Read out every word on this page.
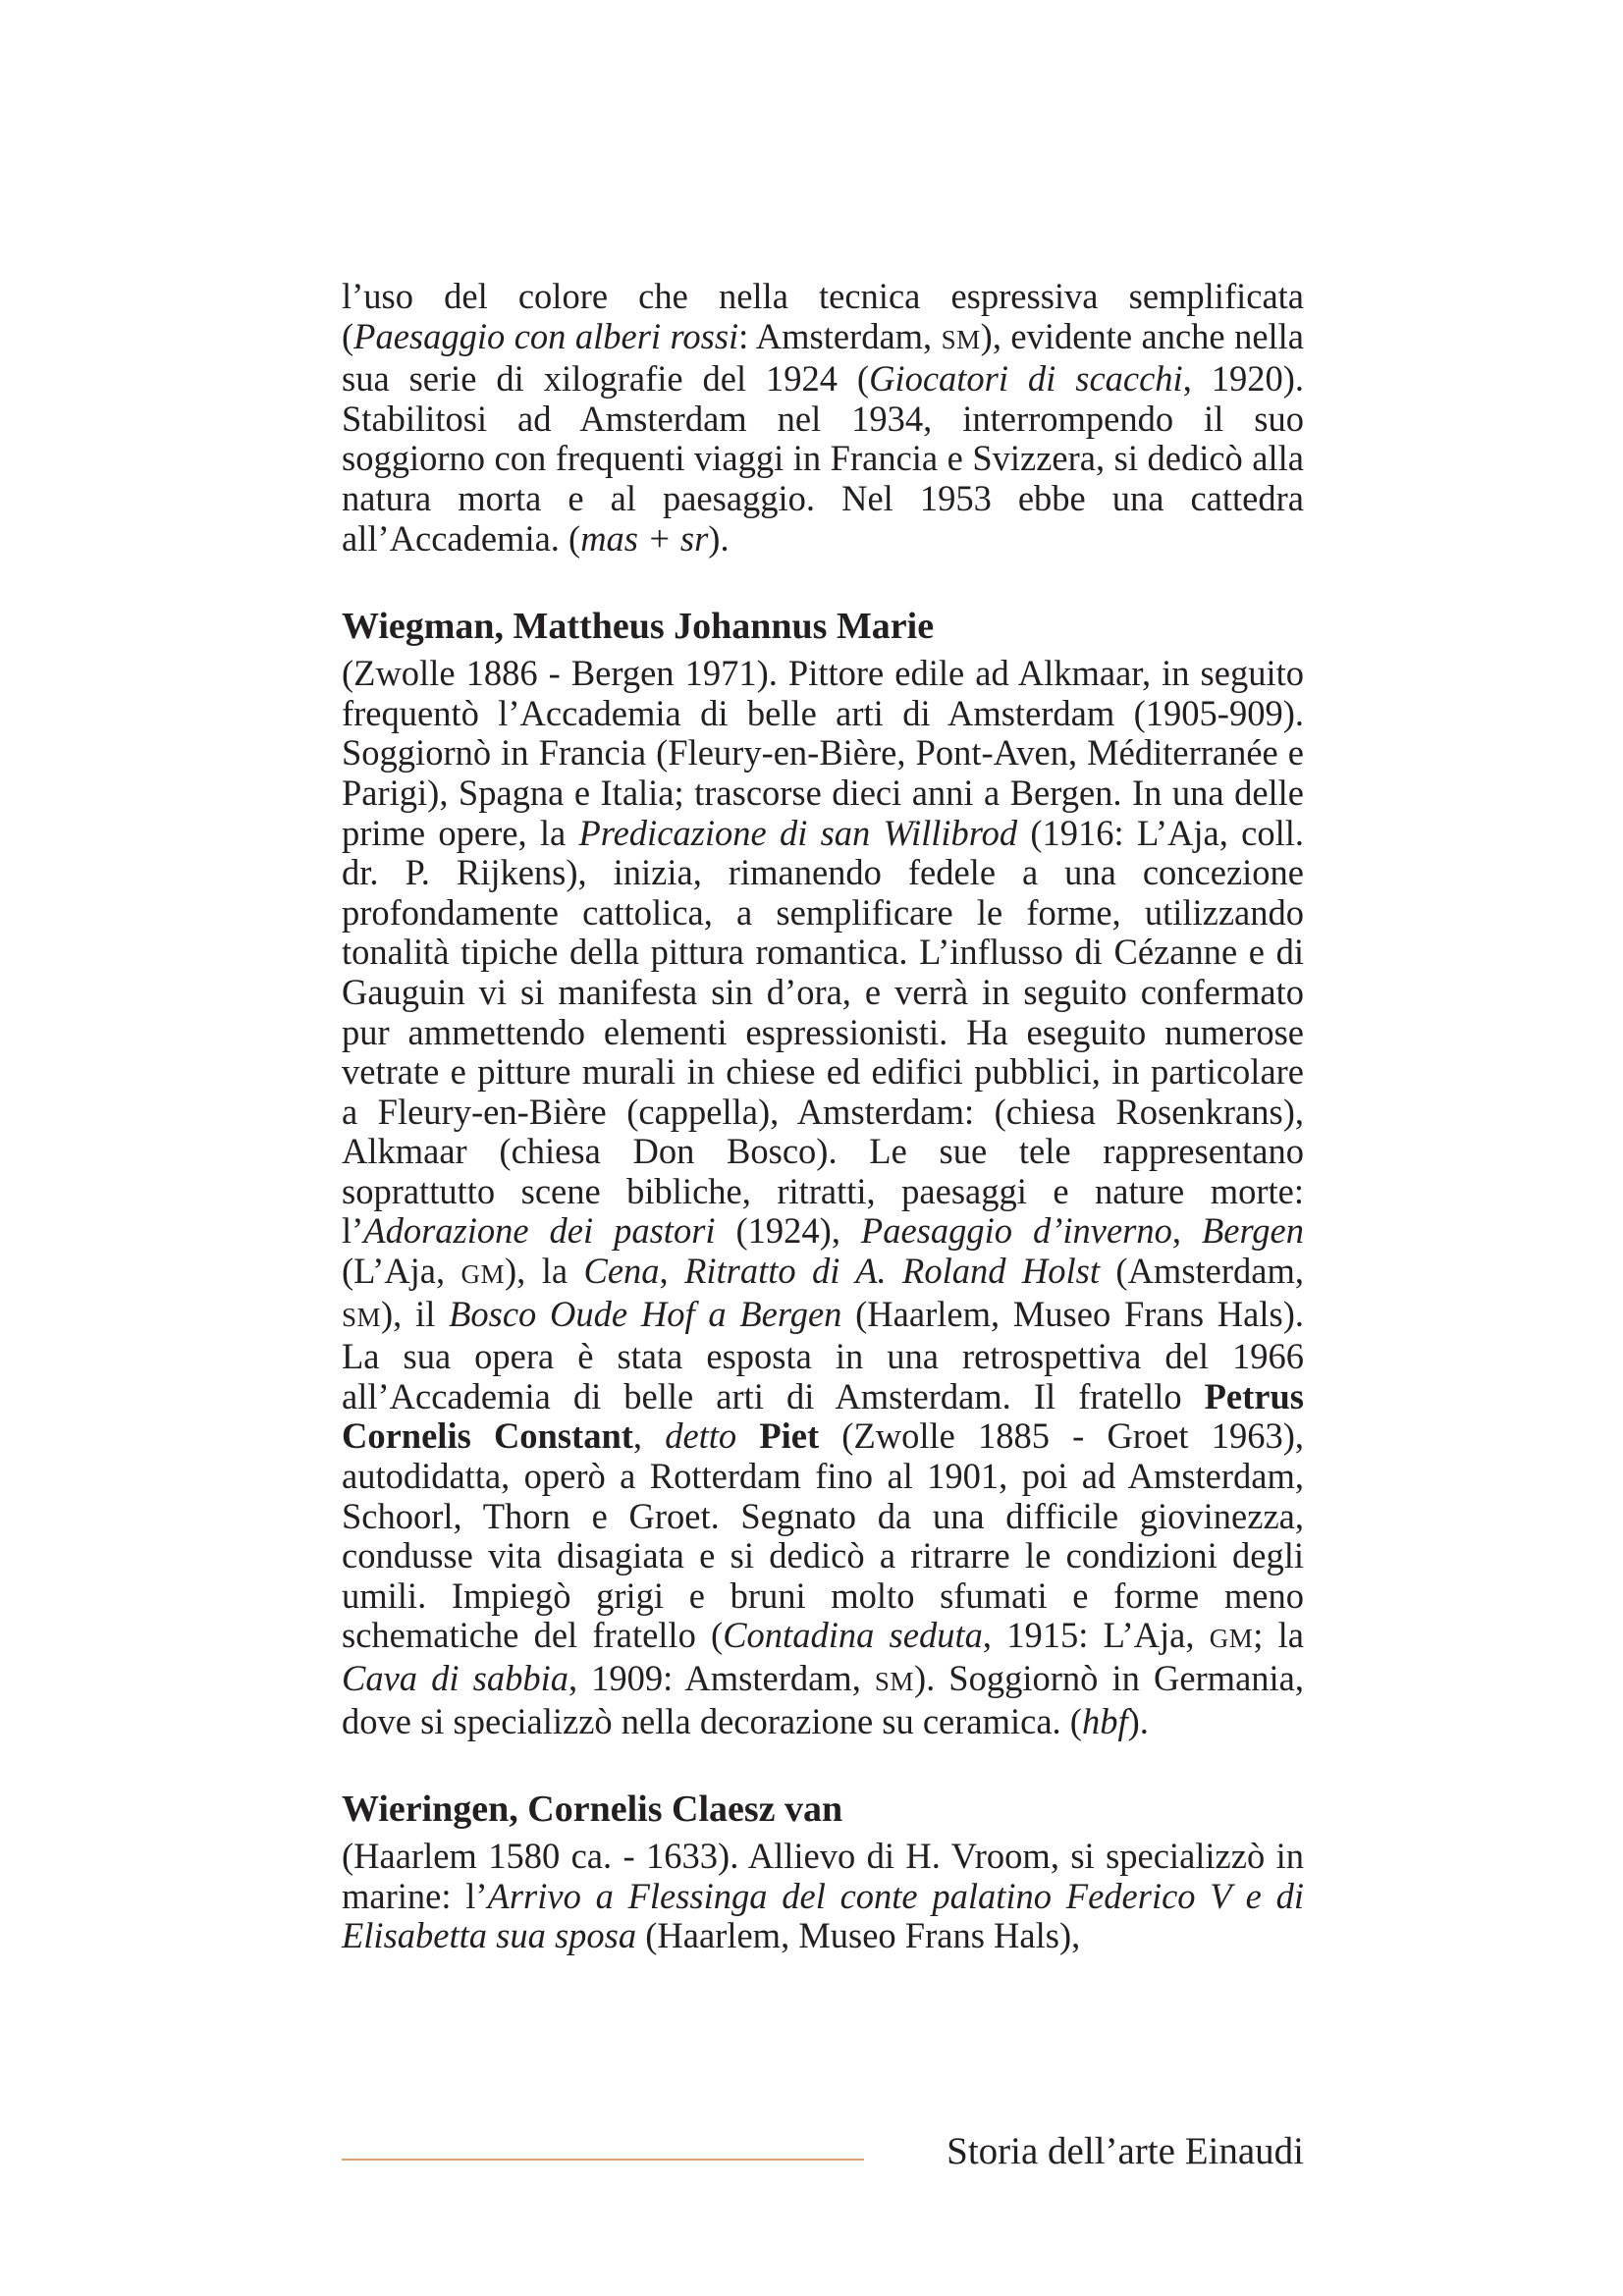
l’uso del colore che nella tecnica espressiva semplificata (Paesaggio con alberi rossi: Amsterdam, SM), evidente anche nella sua serie di xilografie del 1924 (Giocatori di scacchi, 1920). Stabilitosi ad Amsterdam nel 1934, interrompendo il suo soggiorno con frequenti viaggi in Francia e Svizzera, si dedicò alla natura morta e al paesaggio. Nel 1953 ebbe una cattedra all’Accademia. (mas + sr).

Wiegman, Mattheus Johannus Marie

(Zwolle 1886 - Bergen 1971). Pittore edile ad Alkmaar, in seguito frequentò l’Accademia di belle arti di Amsterdam (1905-909). Soggiornò in Francia (Fleury-en-Bière, Pont-Aven, Méditerranée e Parigi), Spagna e Italia; trascorse dieci anni a Bergen. In una delle prime opere, la Predicazione di san Willibrod (1916: L’Aja, coll. dr. P. Rijkens), inizia, rimanendo fedele a una concezione profondamente cattolica, a semplificare le forme, utilizzando tonalità tipiche della pittura romantica. L’influsso di Cézanne e di Gauguin vi si manifesta sin d’ora, e verrà in seguito confermato pur ammettendo elementi espressionisti. Ha eseguito numerose vetrate e pitture murali in chiese ed edifici pubblici, in particolare a Fleury-en-Bière (cappella), Amsterdam: (chiesa Rosenkrans), Alkmaar (chiesa Don Bosco). Le sue tele rappresentano soprattutto scene bibliche, ritratti, paesaggi e nature morte: l’Adorazione dei pastori (1924), Paesaggio d’inverno, Bergen (L’Aja, GM), la Cena, Ritratto di A. Roland Holst (Amsterdam, SM), il Bosco Oude Hof a Bergen (Haarlem, Museo Frans Hals). La sua opera è stata esposta in una retrospettiva del 1966 all’Accademia di belle arti di Amsterdam. Il fratello Petrus Cornelis Constant, detto Piet (Zwolle 1885 - Groet 1963), autodidatta, operò a Rotterdam fino al 1901, poi ad Amsterdam, Schoorl, Thorn e Groet. Segnato da una difficile giovinezza, condusse vita disagiata e si dedicò a ritrarre le condizioni degli umili. Impiegò grigi e bruni molto sfumati e forme meno schematiche del fratello (Contadina seduta, 1915: L’Aja, GM; la Cava di sabbia, 1909: Amsterdam, SM). Soggiornò in Germania, dove si specializzò nella decorazione su ceramica. (hbf).

Wieringen, Cornelis Claesz van

(Haarlem 1580 ca. - 1633). Allievo di H. Vroom, si specializzò in marine: l’Arrivo a Flessinga del conte palatino Federico V e di Elisabetta sua sposa (Haarlem, Museo Frans Hals),

Storia dell’arte Einaudi
